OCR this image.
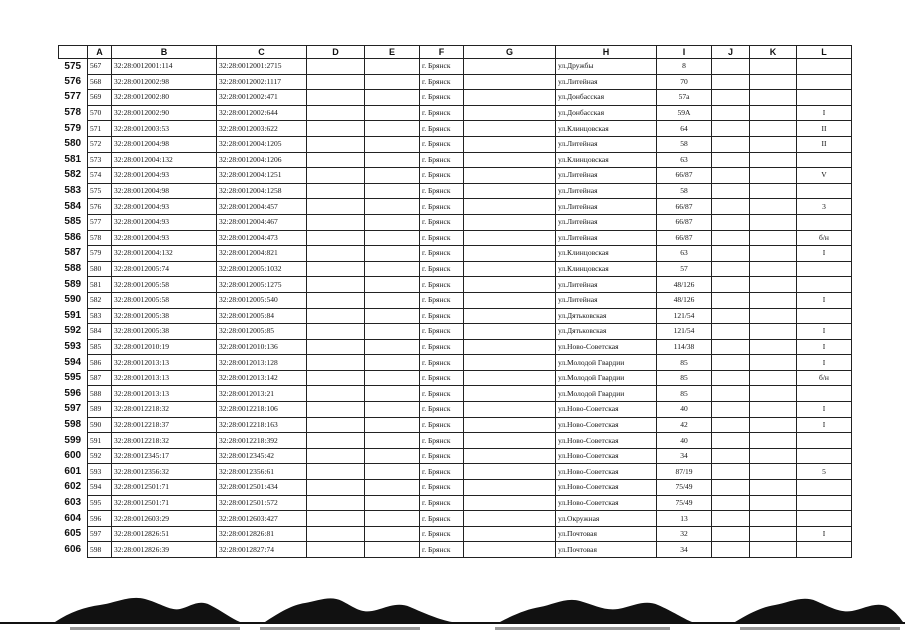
	A	B	C	D	E	F	G	H	I	J	K	L
575	567	32:28:0012001:114	32:28:0012001:2715			г. Брянск		ул.Дружбы	8			
576	568	32:28:0012002:98	32:28:0012002:1117			г. Брянск		ул.Литейная	70			
577	569	32:28:0012002:80	32:28:0012002:471			г. Брянск		ул.Донбасская	57а			
578	570	32:28:0012002:90	32:28:0012002:644			г. Брянск		ул.Донбасская	59А			I
579	571	32:28:0012003:53	32:28:0012003:622			г. Брянск		ул.Клинцовская	64			II
580	572	32:28:0012004:98	32:28:0012004:1205			г. Брянск		ул.Литейная	58			II
581	573	32:28:0012004:132	32:28:0012004:1206			г. Брянск		ул.Клинцовская	63			
582	574	32:28:0012004:93	32:28:0012004:1251			г. Брянск		ул.Литейная	66/87			V
583	575	32:28:0012004:98	32:28:0012004:1258			г. Брянск		ул.Литейная	58			
584	576	32:28:0012004:93	32:28:0012004:457			г. Брянск		ул.Литейная	66/87			3
585	577	32:28:0012004:93	32:28:0012004:467			г. Брянск		ул.Литейная	66/87			
586	578	32:28:0012004:93	32:28:0012004:473			г. Брянск		ул.Литейная	66/87			б/н
587	579	32:28:0012004:132	32:28:0012004:821			г. Брянск		ул.Клинцовская	63			I
588	580	32:28:0012005:74	32:28:0012005:1032			г. Брянск		ул.Клинцовская	57			
589	581	32:28:0012005:58	32:28:0012005:1275			г. Брянск		ул.Литейная	48/126			
590	582	32:28:0012005:58	32:28:0012005:540			г. Брянск		ул.Литейная	48/126			I
591	583	32:28:0012005:38	32:28:0012005:84			г. Брянск		ул.Дятьковская	121/54			
592	584	32:28:0012005:38	32:28:0012005:85			г. Брянск		ул.Дятьковская	121/54			I
593	585	32:28:0012010:19	32:28:0012010:136			г. Брянск		ул.Ново-Советская	114/38			I
594	586	32:28:0012013:13	32:28:0012013:128			г. Брянск		ул.Молодой Гвардии	85			I
595	587	32:28:0012013:13	32:28:0012013:142			г. Брянск		ул.Молодой Гвардии	85			б/н
596	588	32:28:0012013:13	32:28:0012013:21			г. Брянск		ул.Молодой Гвардии	85			
597	589	32:28:0012218:32	32:28:0012218:106			г. Брянск		ул.Ново-Советская	40			I
598	590	32:28:0012218:37	32:28:0012218:163			г. Брянск		ул.Ново-Советская	42			I
599	591	32:28:0012218:32	32:28:0012218:392			г. Брянск		ул.Ново-Советская	40			
600	592	32:28:0012345:17	32:28:0012345:42			г. Брянск		ул.Ново-Советская	34			
601	593	32:28:0012356:32	32:28:0012356:61			г. Брянск		ул.Ново-Советская	87/19			5
602	594	32:28:0012501:71	32:28:0012501:434			г. Брянск		ул.Ново-Советская	75/49			
603	595	32:28:0012501:71	32:28:0012501:572			г. Брянск		ул.Ново-Советская	75/49			
604	596	32:28:0012603:29	32:28:0012603:427			г. Брянск		ул.Окружная	13			
605	597	32:28:0012826:51	32:28:0012826:81			г. Брянск		ул.Почтовая	32			I
606	598	32:28:0012826:39	32:28:0012827:74			г. Брянск		ул.Почтовая	34			
